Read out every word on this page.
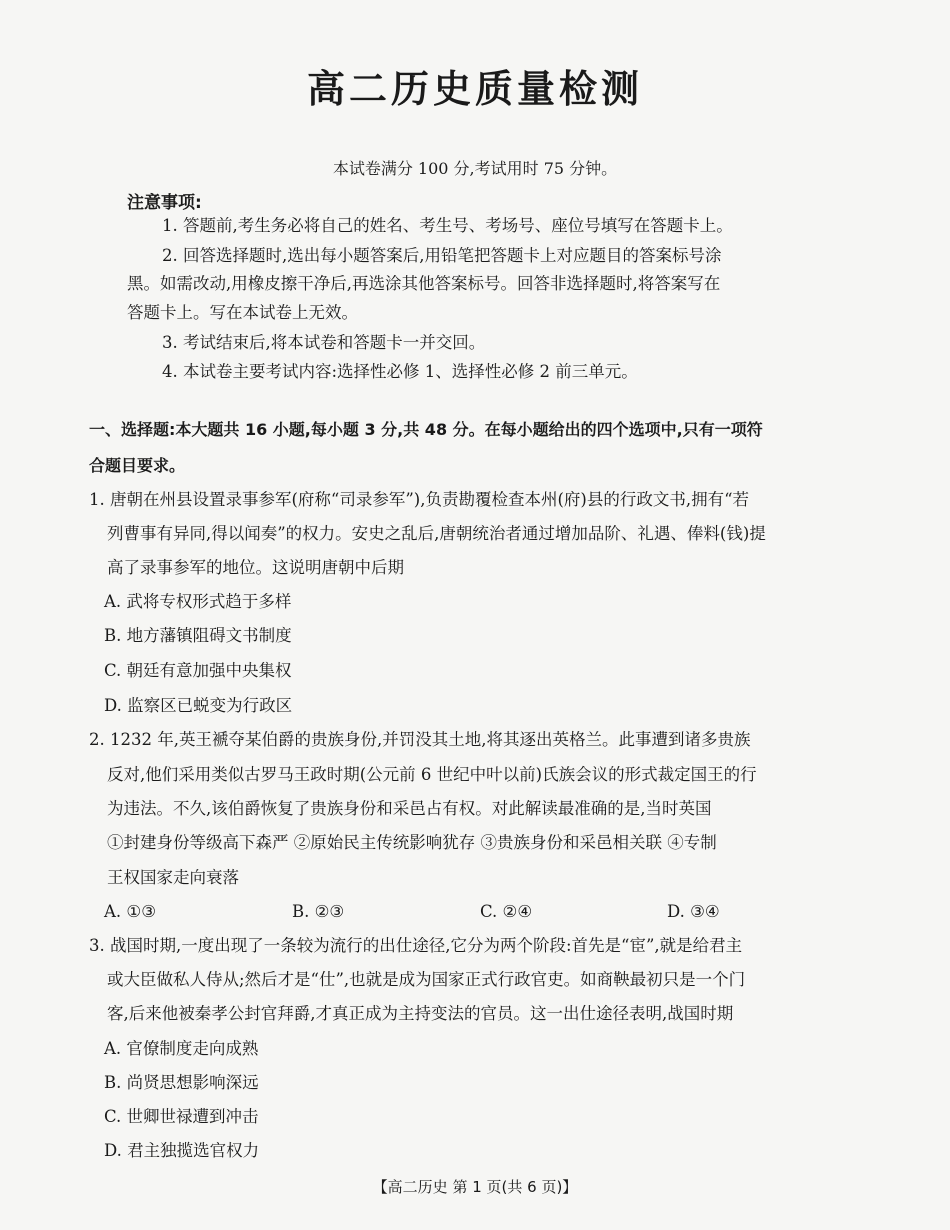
高二历史质量检测
本试卷满分 100 分,考试用时 75 分钟。
注意事项:
1. 答题前,考生务必将自己的姓名、考生号、考场号、座位号填写在答题卡上。
2. 回答选择题时,选出每小题答案后,用铅笔把答题卡上对应题目的答案标号涂
黑。如需改动,用橡皮擦干净后,再选涂其他答案标号。回答非选择题时,将答案写在
答题卡上。写在本试卷上无效。
3. 考试结束后,将本试卷和答题卡一并交回。
4. 本试卷主要考试内容:选择性必修 1、选择性必修 2 前三单元。
一、选择题:本大题共 16 小题,每小题 3 分,共 48 分。在每小题给出的四个选项中,只有一项符
合题目要求。
1. 唐朝在州县设置录事参军(府称“司录参军”),负责勘覆检查本州(府)县的行政文书,拥有“若
列曹事有异同,得以闻奏”的权力。安史之乱后,唐朝统治者通过增加品阶、礼遇、俸料(钱)提
高了录事参军的地位。这说明唐朝中后期
A. 武将专权形式趋于多样
B. 地方藩镇阻碍文书制度
C. 朝廷有意加强中央集权
D. 监察区已蜕变为行政区
2. 1232 年,英王褫夺某伯爵的贵族身份,并罚没其土地,将其逐出英格兰。此事遭到诸多贵族
反对,他们采用类似古罗马王政时期(公元前 6 世纪中叶以前)氏族会议的形式裁定国王的行
为违法。不久,该伯爵恢复了贵族身份和采邑占有权。对此解读最准确的是,当时英国
①封建身份等级高下森严 ②原始民主传统影响犹存 ③贵族身份和采邑相关联 ④专制
王权国家走向衰落
A. ①③	B. ②③	C. ②④	D. ③④
3. 战国时期,一度出现了一条较为流行的出仕途径,它分为两个阶段:首先是“宦”,就是给君主
或大臣做私人侍从;然后才是“仕”,也就是成为国家正式行政官吏。如商鞅最初只是一个门
客,后来他被秦孝公封官拜爵,才真正成为主持变法的官员。这一出仕途径表明,战国时期
A. 官僚制度走向成熟
B. 尚贤思想影响深远
C. 世卿世禄遭到冲击
D. 君主独揽选官权力
【高二历史 第 1 页(共 6 页)】
